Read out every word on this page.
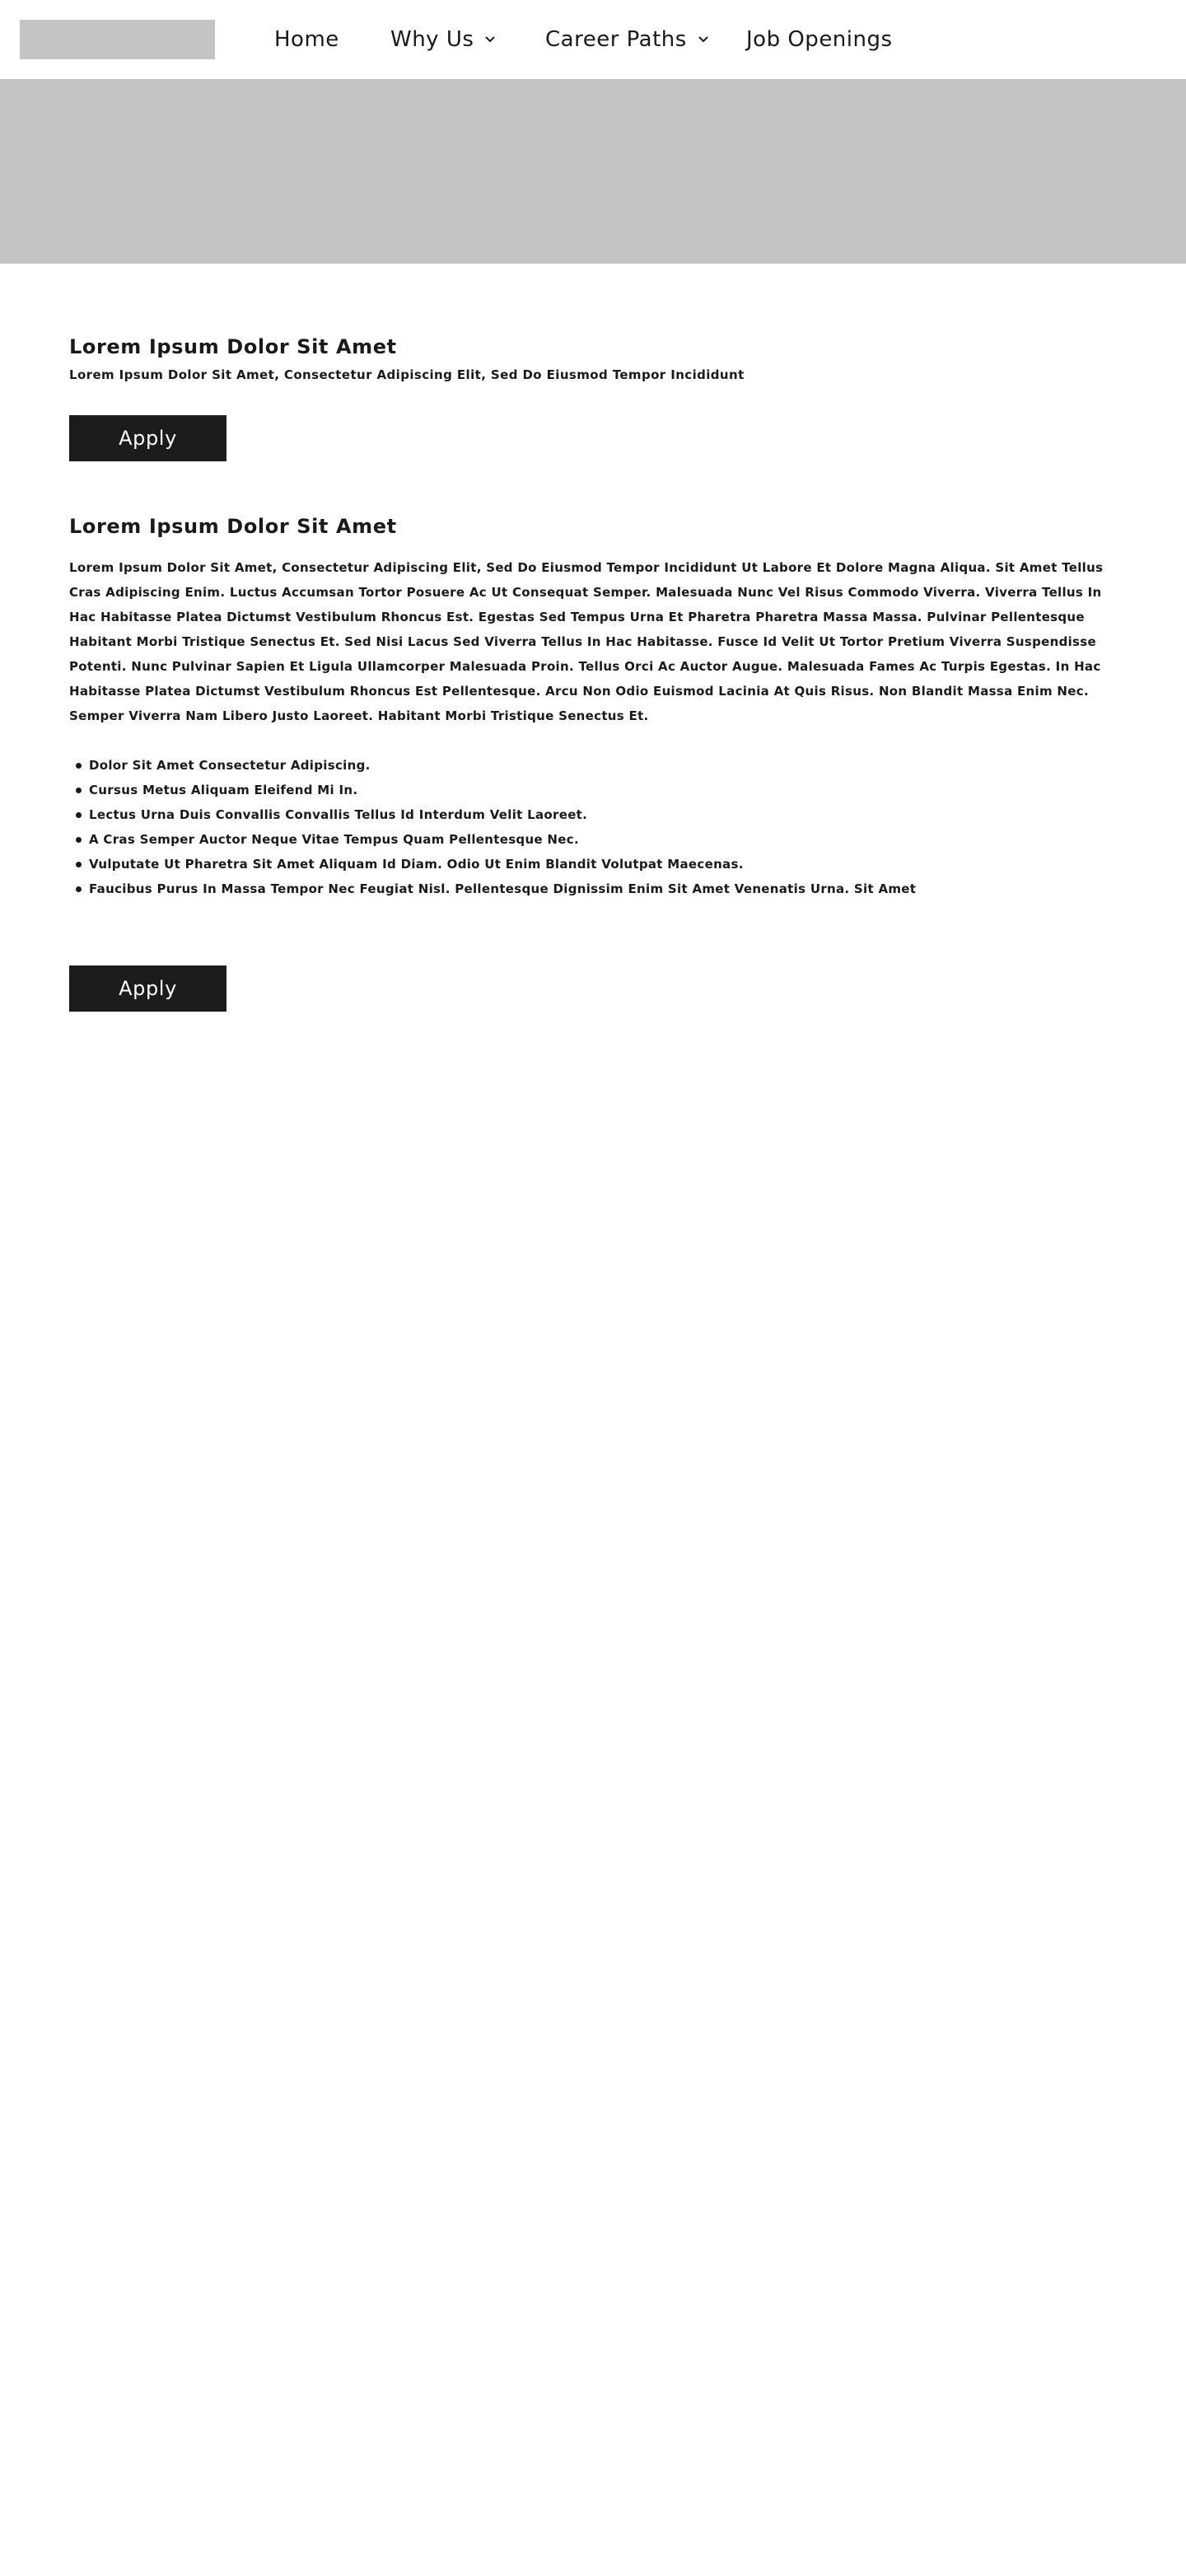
Home Why Us	Career Paths	Job Openings
Lorem Ipsum Dolor Sit Amet

Lorem Ipsum Dolor Sit Amet, Consectetur Adipiscing Elit, Sed Do Eiusmod Tempor Incididunt

Apply
Lorem Ipsum Dolor Sit Amet

Lorem Ipsum Dolor Sit Amet, Consectetur Adipiscing Elit, Sed Do Eiusmod Tempor Incididunt Ut Labore Et Dolore Magna Aliqua. Sit Amet Tellus Cras Adipiscing Enim. Luctus Accumsan Tortor Posuere Ac Ut Consequat Semper. Malesuada Nunc Vel Risus Commodo Viverra. Viverra Tellus In Hac Habitasse Platea Dictumst Vestibulum Rhoncus Est. Egestas Sed Tempus Urna Et Pharetra Pharetra Massa Massa. Pulvinar Pellentesque Habitant Morbi Tristique Senectus Et. Sed Nisi Lacus Sed Viverra Tellus In Hac Habitasse. Fusce Id Velit Ut Tortor Pretium Viverra Suspendisse Potenti. Nunc Pulvinar Sapien Et Ligula Ullamcorper Malesuada Proin. Tellus Orci Ac Auctor Augue. Malesuada Fames Ac Turpis Egestas. In Hac Habitasse Platea Dictumst Vestibulum Rhoncus Est Pellentesque. Arcu Non Odio Euismod Lacinia At Quis Risus. Non Blandit Massa Enim Nec. Semper Viverra Nam Libero Justo Laoreet. Habitant Morbi Tristique Senectus Et.

Dolor Sit Amet Consectetur Adipiscing.
Cursus Metus Aliquam Eleifend Mi In.
Lectus Urna Duis Convallis Convallis Tellus Id Interdum Velit Laoreet.
A Cras Semper Auctor Neque Vitae Tempus Quam Pellentesque Nec.
Vulputate Ut Pharetra Sit Amet Aliquam Id Diam. Odio Ut Enim Blandit Volutpat Maecenas.
Faucibus Purus In Massa Tempor Nec Feugiat Nisl. Pellentesque Dignissim Enim Sit Amet Venenatis Urna. Sit Amet
Apply
